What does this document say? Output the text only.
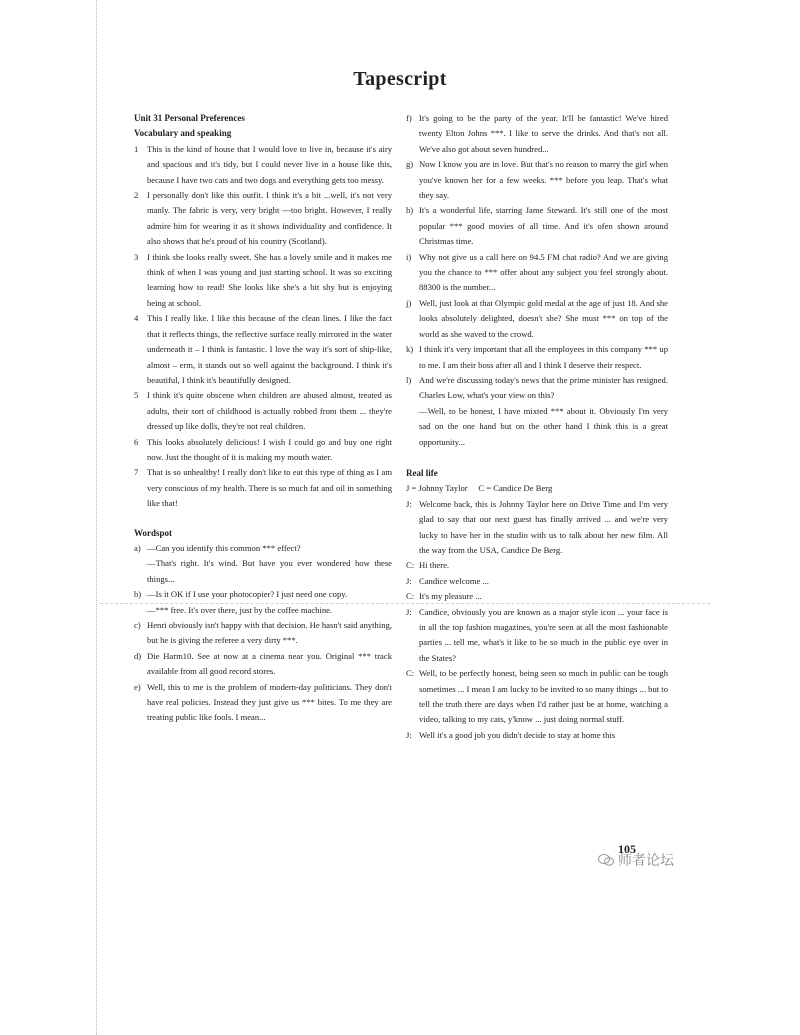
Tapescript
Unit 31 Personal Preferences
Vocabulary and speaking
1 This is the kind of house that I would love to live in, because it's airy and spacious and it's tidy, but I could never live in a house like this, because I have two cats and two dogs and everything gets too messy.
2 I personally don't like this outfit. I think it's a bit ...well, it's not very manly. The fabric is very, very bright ---too bright. However, I really admire him for wearing it as it shows individuality and confidence. It also shows that he's proud of his country (Scotland).
3 I think she looks really sweet. She has a lovely smile and it makes me think of when I was young and just starting school. It was so exciting learning how to read! She looks like she's a bit shy but is enjoying being at school.
4 This I really like. I like this because of the clean lines. I like the fact that it reflects things, the reflective surface really mirrored in the water underneath it – I think is fantastic. I love the way it's sort of ship-like, almost – erm, it stands out so well against the background. I think it's beautiful, I think it's beautifully designed.
5 I think it's quite obscene when children are abused almost, treated as adults, their sort of childhood is actually robbed from them ... they're dressed up like dolls, they're not real children.
6 This looks absolutely delicious! I wish I could go and buy one right now. Just the thought of it is making my mouth water.
7 That is so unhealthy! I really don't like to eat this type of thing as I am very conscious of my health. There is so much fat and oil in something like that!
Wordspot
a) —Can you identify this common *** effect?
—That's right. It's wind. But have you ever wondered how these things...
b) —Is it OK if I use your photocopier? I just need one copy.
—*** free. It's over there, just by the coffee machine.
c) Henri obviously isn't happy with that decision. He hasn't said anything, but he is giving the referee a very dirty ***.
d) Die Harm10. See at now at a cinema near you. Original *** track available from all good record stores.
e) Well, this to me is the problem of modern-day politicians. They don't have real policies. Instead they just give us *** bites. To me they are treating public like fools. I mean...
f) It's going to be the party of the year. It'll be fantastic! We've hired twenty Elton Johns ***. I like to serve the drinks. And that's not all. We've also got about seven hundred...
g) Now I know you are in love. But that's no reason to marry the girl when you've known her for a few weeks. *** before you leap. That's what they say.
h) It's a wonderful life, starring Jame Steward. It's still one of the most popular *** good movies of all time. And it's ofen shown around Christmas time.
i) Why not give us a call here on 94.5 FM chat radio? And we are giving you the chance to *** offer about any subject you feel strongly about. 88300 is the number...
j) Well, just look at that Olympic gold medal at the age of just 18. And she looks absolutely delighted, doesn't she? She must *** on top of the world as she waved to the crowd.
k) I think it's very important that all the employees in this company *** up to me. I am their boss after all and I think I deserve their respect.
l) And we're discussing today's news that the prime minister has resigned. Charles Low, what's your view on this?
—Well, to be honest, I have mixted *** about it. Obviously I'm very sad on the one hand but on the other hand I think this is a great opportunity...
Real life
J = Johnny Taylor     C = Candice De Berg
J: Welcome back, this is Johnny Taylor here on Drive Time and I'm very glad to say that our next guest has finally arrived ... and we're very lucky to have her in the studio with us to talk about her new film. All the way from the USA, Candice De Berg.
C: Hi there.
J: Candice welcome ...
C: It's my pleasure ...
J: Candice, obviously you are known as a major style icon ... your face is in all the top fashion magazines, you're seen at all the most fashionable parties ... tell me, what's it like to be so much in the public eye over in the States?
C: Well, to be perfectly honest, being seen so much in public can be tough sometimes ... I mean I am lucky to be invited to so many things ... but to tell the truth there are days when I'd rather just be at home, watching a video, talking to my cats, y'know ... just doing normal stuff.
J: Well it's a good job you didn't decide to stay at home this
105
师者论坛
